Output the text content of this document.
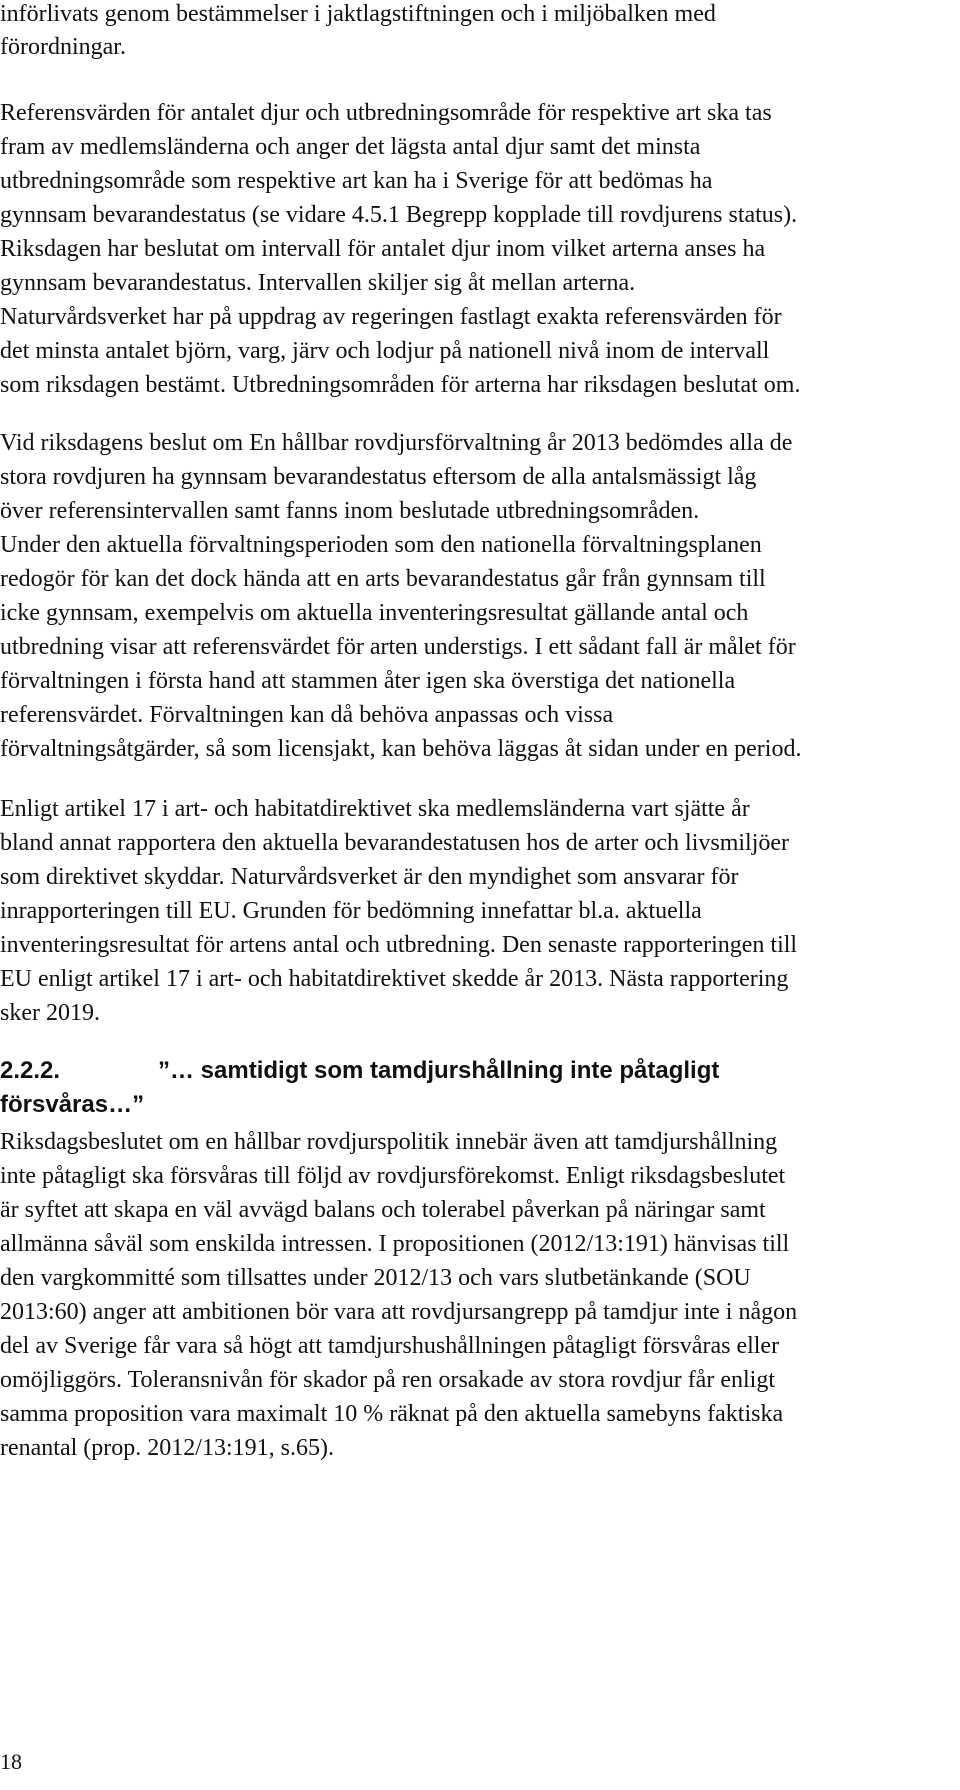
införlivats genom bestämmelser i jaktlagstiftningen och i miljöbalken med
förordningar.
Referensvärden för antalet djur och utbredningsområde för respektive art ska tas
fram av medlemsländerna och anger det lägsta antal djur samt det minsta
utbredningsområde som respektive art kan ha i Sverige för att bedömas ha
gynnsam bevarandestatus (se vidare 4.5.1 Begrepp kopplade till rovdjurens status).
Riksdagen har beslutat om intervall för antalet djur inom vilket arterna anses ha
gynnsam bevarandestatus. Intervallen skiljer sig åt mellan arterna.
Naturvårdsverket har på uppdrag av regeringen fastlagt exakta referensvärden för
det minsta antalet björn, varg, järv och lodjur på nationell nivå inom de intervall
som riksdagen bestämt. Utbredningsområden för arterna har riksdagen beslutat om.
Vid riksdagens beslut om En hållbar rovdjursförvaltning år 2013 bedömdes alla de
stora rovdjuren ha gynnsam bevarandestatus eftersom de alla antalsmässigt låg
över referensintervallen samt fanns inom beslutade utbredningsområden.
Under den aktuella förvaltningsperioden som den nationella förvaltningsplanen
redogör för kan det dock hända att en arts bevarandestatus går från gynnsam till
icke gynnsam, exempelvis om aktuella inventeringsresultat gällande antal och
utbredning visar att referensvärdet för arten understigs. I ett sådant fall är målet för
förvaltningen i första hand att stammen åter igen ska överstiga det nationella
referensvärdet. Förvaltningen kan då behöva anpassas och vissa
förvaltningsåtgärder, så som licensjakt, kan behöva läggas åt sidan under en period.
Enligt artikel 17 i art- och habitatdirektivet ska medlemsländerna vart sjätte år
bland annat rapportera den aktuella bevarandestatusen hos de arter och livsmiljöer
som direktivet skyddar. Naturvårdsverket är den myndighet som ansvarar för
inrapporteringen till EU. Grunden för bedömning innefattar bl.a. aktuella
inventeringsresultat för artens antal och utbredning. Den senaste rapporteringen till
EU enligt artikel 17 i art- och habitatdirektivet skedde år 2013. Nästa rapportering
sker 2019.
2.2.2.	”… samtidigt som tamdjurshållning inte påtagligt
försvåras…”
Riksdagsbeslutet om en hållbar rovdjurspolitik innebär även att tamdjurshållning
inte påtagligt ska försvåras till följd av rovdjursförekomst. Enligt riksdagsbeslutet
är syftet att skapa en väl avvägd balans och tolerabel påverkan på näringar samt
allmänna såväl som enskilda intressen. I propositionen (2012/13:191) hänvisas till
den vargkommitté som tillsattes under 2012/13 och vars slutbetänkande (SOU
2013:60) anger att ambitionen bör vara att rovdjursangrepp på tamdjur inte i någon
del av Sverige får vara så högt att tamdjurshushållningen påtagligt försvåras eller
omöjliggörs. Toleransnivån för skador på ren orsakade av stora rovdjur får enligt
samma proposition vara maximalt 10 % räknat på den aktuella samebyns faktiska
renantal (prop. 2012/13:191, s.65).
18
